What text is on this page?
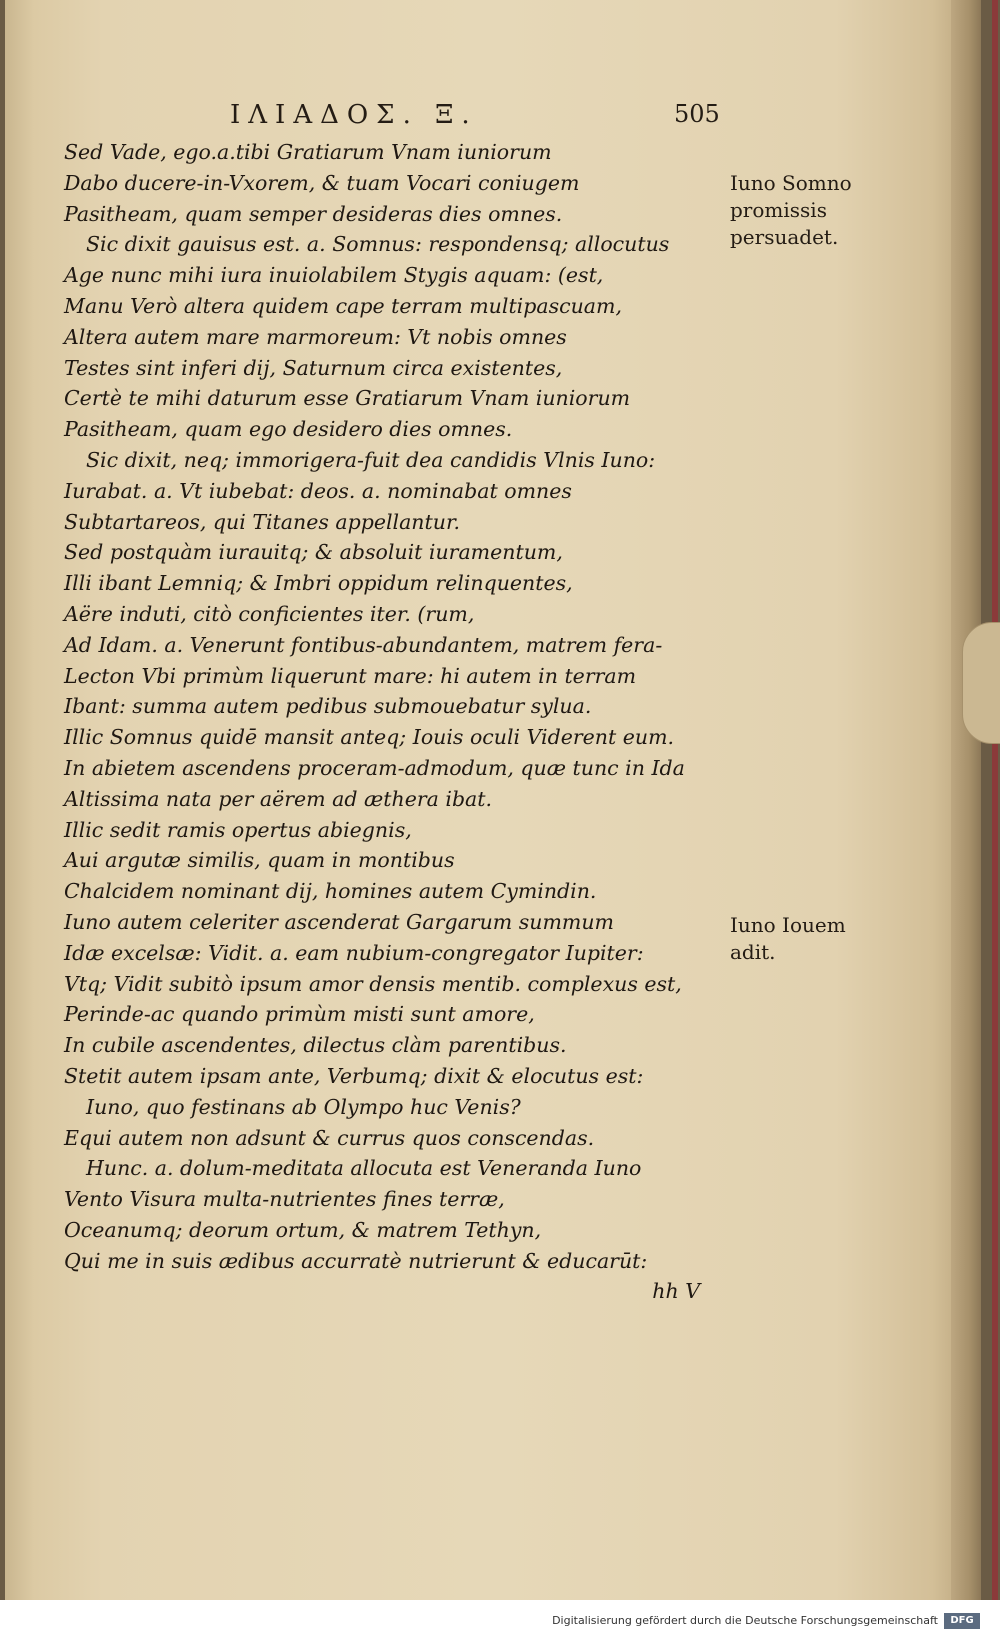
ΙΛΙΑΔΟΣ. Ξ.	505

Sed Vade, ego.a.tibi Gratiarum Vnam iuniorum

Dabo ducere-in-Vxorem, & tuam Vocari coniugem

Pasitheam, quam semper desideras dies omnes.

Sic dixit gauisus est. a. Somnus: respondensq; allocutus

Age nunc mihi iura inuiolabilem Stygis aquam: (est,

Manu Verò altera quidem cape terram multipascuam,

Altera autem mare marmoreum: Vt nobis omnes

Testes sint inferi dij, Saturnum circa existentes,

Certè te mihi daturum esse Gratiarum Vnam iuniorum

Pasitheam, quam ego desidero dies omnes.

Sic dixit, neq; immorigera-fuit dea candidis Vlnis Iuno:

Iurabat. a. Vt iubebat: deos. a. nominabat omnes

Subtartareos, qui Titanes appellantur.

Sed postquàm iurauitq; & absoluit iuramentum,

Illi ibant Lemniq; & Imbri oppidum relinquentes,

Aëre induti, citò conficientes iter. (rum,

Ad Idam. a. Venerunt fontibus-abundantem, matrem fera-

Lecton Vbi primùm liquerunt mare: hi autem in terram

Ibant: summa autem pedibus submouebatur sylua.

Illic Somnus quidē mansit anteq; Iouis oculi Viderent eum.

In abietem ascendens proceram-admodum, quæ tunc in Ida

Altissima nata per aërem ad æthera ibat.

Illic sedit ramis opertus abiegnis,

Aui argutæ similis, quam in montibus

Chalcidem nominant dij, homines autem Cymindin.

Iuno autem celeriter ascenderat Gargarum summum

Idæ excelsæ: Vidit. a. eam nubium-congregator Iupiter:

Vtq; Vidit subitò ipsum amor densis mentib. complexus est,

Perinde-ac quando primùm misti sunt amore,

In cubile ascendentes, dilectus clàm parentibus.

Stetit autem ipsam ante, Verbumq; dixit & elocutus est:

Iuno, quo festinans ab Olympo huc Venis?

Equi autem non adsunt & currus quos conscendas.

Hunc. a. dolum-meditata allocuta est Veneranda Iuno

Vento Visura multa-nutrientes fines terræ,

Oceanumq; deorum ortum, & matrem Tethyn,

Qui me in suis ædibus accurratè nutrierunt & educarūt:

hh V

Iuno Somno promissis persuadet.
Iuno Iouem adit.

Digitalisierung gefördert durch die Deutsche Forschungsgemeinschaft	DFG
